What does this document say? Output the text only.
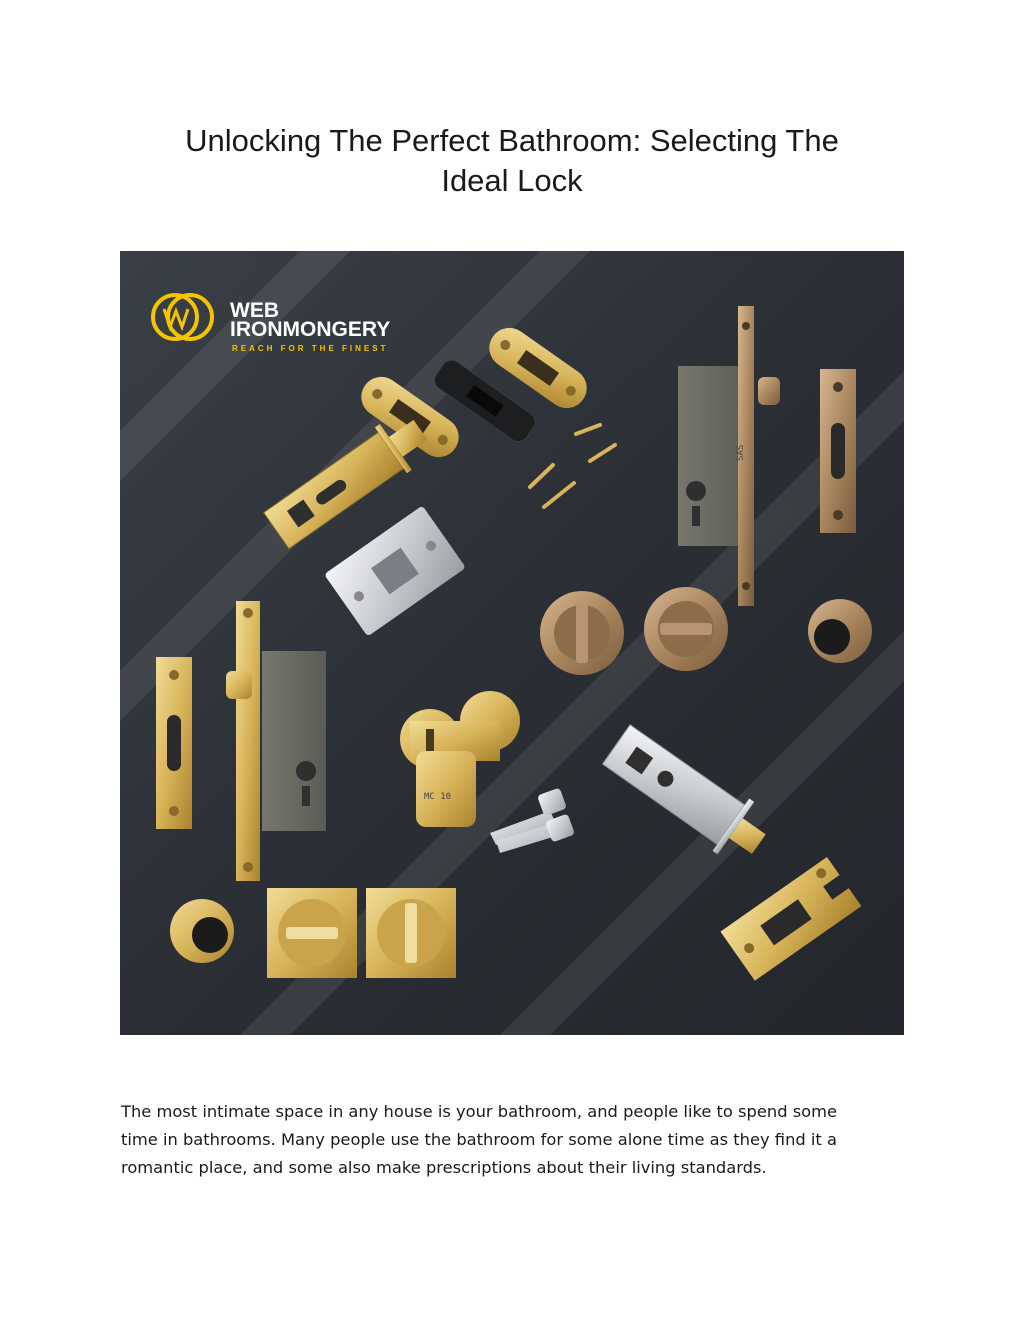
Unlocking The Perfect Bathroom: Selecting The
Ideal Lock
WEB
IRONMONGERY
REACH FOR THE FINEST
SAS
MC 10

The most intimate space in any house is your bathroom, and people like to spend some
time in bathrooms. Many people use the bathroom for some alone time as they find it a
romantic place, and some also make prescriptions about their living standards.
